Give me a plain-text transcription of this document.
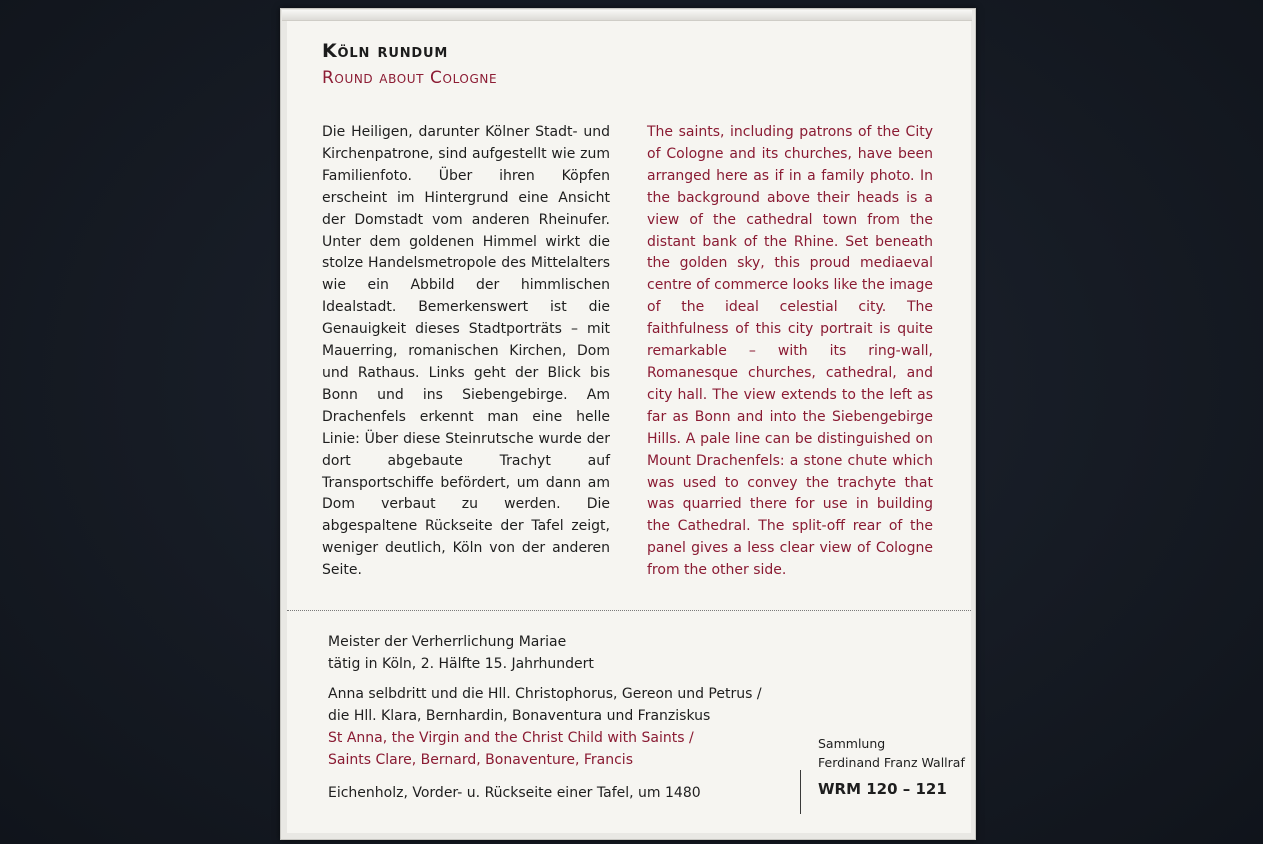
Köln rundum
Round about Cologne

Die Heiligen, darunter Kölner Stadt- und Kirchenpatrone, sind aufgestellt wie zum Familienfoto. Über ihren Köpfen erscheint im Hintergrund eine Ansicht der Domstadt vom anderen Rheinufer. Unter dem goldenen Himmel wirkt die stolze Handelsmetropole des Mittelalters wie ein Abbild der himmlischen Idealstadt. Bemerkenswert ist die Genauigkeit dieses Stadtporträts – mit Mauerring, romanischen Kirchen, Dom und Rathaus. Links geht der Blick bis Bonn und ins Siebengebirge. Am Drachenfels erkennt man eine helle Linie: Über diese Steinrutsche wurde der dort abgebaute Trachyt auf Transportschiffe befördert, um dann am Dom verbaut zu werden. Die abgespaltene Rückseite der Tafel zeigt, weniger deutlich, Köln von der anderen Seite.

The saints, including patrons of the City of Cologne and its churches, have been arranged here as if in a family photo. In the background above their heads is a view of the cathedral town from the distant bank of the Rhine. Set beneath the golden sky, this proud mediaeval centre of commerce looks like the image of the ideal celestial city. The faithfulness of this city portrait is quite remarkable – with its ring-wall, Romanesque churches, cathedral, and city hall. The view extends to the left as far as Bonn and into the Siebengebirge Hills. A pale line can be distinguished on Mount Drachenfels: a stone chute which was used to convey the trachyte that was quarried there for use in building the Cathedral. The split-off rear of the panel gives a less clear view of Cologne from the other side.

Meister der Verherrlichung Mariae
tätig in Köln, 2. Hälfte 15. Jahrhundert

Anna selbdritt und die Hll. Christophorus, Gereon und Petrus /
die Hll. Klara, Bernhardin, Bonaventura und Franziskus

St Anna, the Virgin and the Christ Child with Saints /
Saints Clare, Bernard, Bonaventure, Francis

Eichenholz, Vorder- u. Rückseite einer Tafel, um 1480

Sammlung
Ferdinand Franz Wallraf
WRM 120 – 121
